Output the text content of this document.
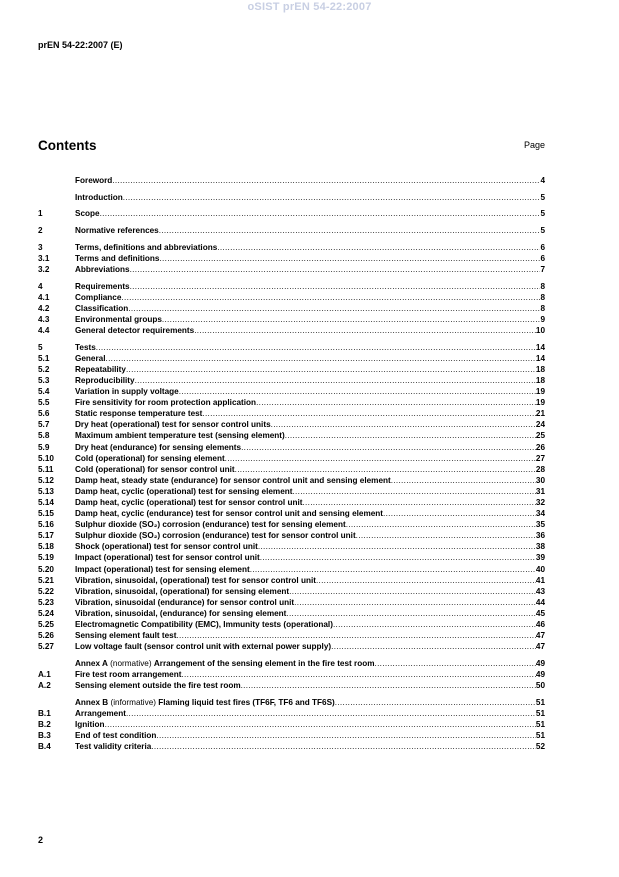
oSIST prEN 54-22:2007
prEN 54-22:2007 (E)
Contents	Page
Foreword .....	4
Introduction .....	5
1	Scope .....	5
2	Normative references .....	5
3	Terms, definitions and abbreviations .....	6
3.1	Terms and definitions .....	6
3.2	Abbreviations .....	7
4	Requirements .....	8
4.1	Compliance .....	8
4.2	Classification .....	8
4.3	Environmental groups .....	9
4.4	General detector requirements .....	10
5	Tests .....	14
5.1	General .....	14
5.2	Repeatability .....	18
5.3	Reproducibility .....	18
5.4	Variation in supply voltage .....	19
5.5	Fire sensitivity for room protection application .....	19
5.6	Static response temperature test .....	21
5.7	Dry heat (operational) test for sensor control units .....	24
5.8	Maximum ambient temperature test (sensing element) .....	25
5.9	Dry heat (endurance) for sensing elements .....	26
5.10	Cold (operational) for sensing element .....	27
5.11	Cold (operational) for sensor control unit .....	28
5.12	Damp heat, steady state (endurance) for sensor control unit and sensing element .....	30
5.13	Damp heat, cyclic (operational) test for sensing element .....	31
5.14	Damp heat, cyclic (operational) test for sensor control unit .....	32
5.15	Damp heat, cyclic (endurance) test for sensor control unit and sensing element .....	34
5.16	Sulphur dioxide (SO₂) corrosion (endurance) test for sensing element .....	35
5.17	Sulphur dioxide (SO₂) corrosion (endurance) test for sensor control unit .....	36
5.18	Shock (operational) test for sensor control unit .....	38
5.19	Impact (operational) test for sensor control unit .....	39
5.20	Impact (operational) test for sensing element .....	40
5.21	Vibration, sinusoidal, (operational) test for sensor control unit .....	41
5.22	Vibration, sinusoidal, (operational) for sensing element .....	43
5.23	Vibration, sinusoidal (endurance) for sensor control unit .....	44
5.24	Vibration, sinusoidal, (endurance) for sensing element .....	45
5.25	Electromagnetic Compatibility (EMC), Immunity tests (operational) .....	46
5.26	Sensing element fault test .....	47
5.27	Low voltage fault (sensor control unit with external power supply) .....	47
Annex A (normative) Arrangement of the sensing element in the fire test room .....	49
A.1	Fire test room arrangement .....	49
A.2	Sensing element outside the fire test room .....	50
Annex B (informative) Flaming liquid test fires (TF6F, TF6 and TF6S) .....	51
B.1	Arrangement .....	51
B.2	Ignition .....	51
B.3	End of test condition .....	51
B.4	Test validity criteria .....	52
2
